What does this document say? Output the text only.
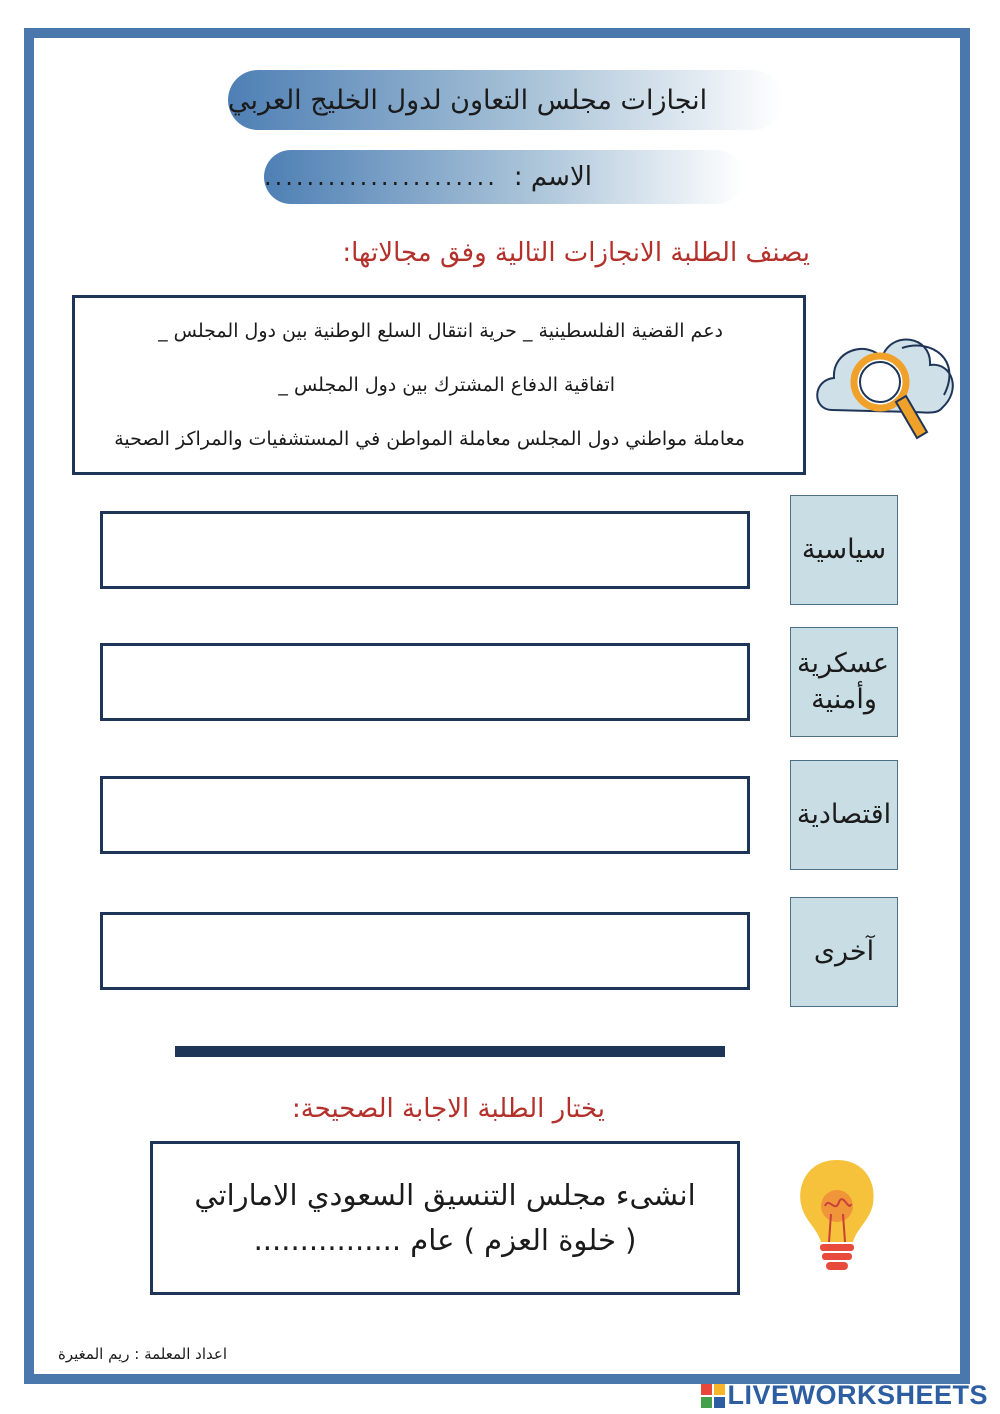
انجازات مجلس التعاون لدول الخليج العربي
الاسم :
......................
يصنف الطلبة الانجازات التالية وفق مجالاتها:
دعم القضية الفلسطينية _ حرية انتقال السلع الوطنية بين دول المجلس _
اتفاقية الدفاع المشترك بين دول المجلس _
معاملة مواطني دول المجلس معاملة المواطن في المستشفيات والمراكز الصحية
سياسية
عسكرية وأمنية
اقتصادية
آخرى
يختار الطلبة الاجابة الصحيحة:
انشىء مجلس التنسيق السعودي الاماراتي
( خلوة العزم ) عام ................
اعداد المعلمة : ريم المغيرة
LIVEWORKSHEETS
